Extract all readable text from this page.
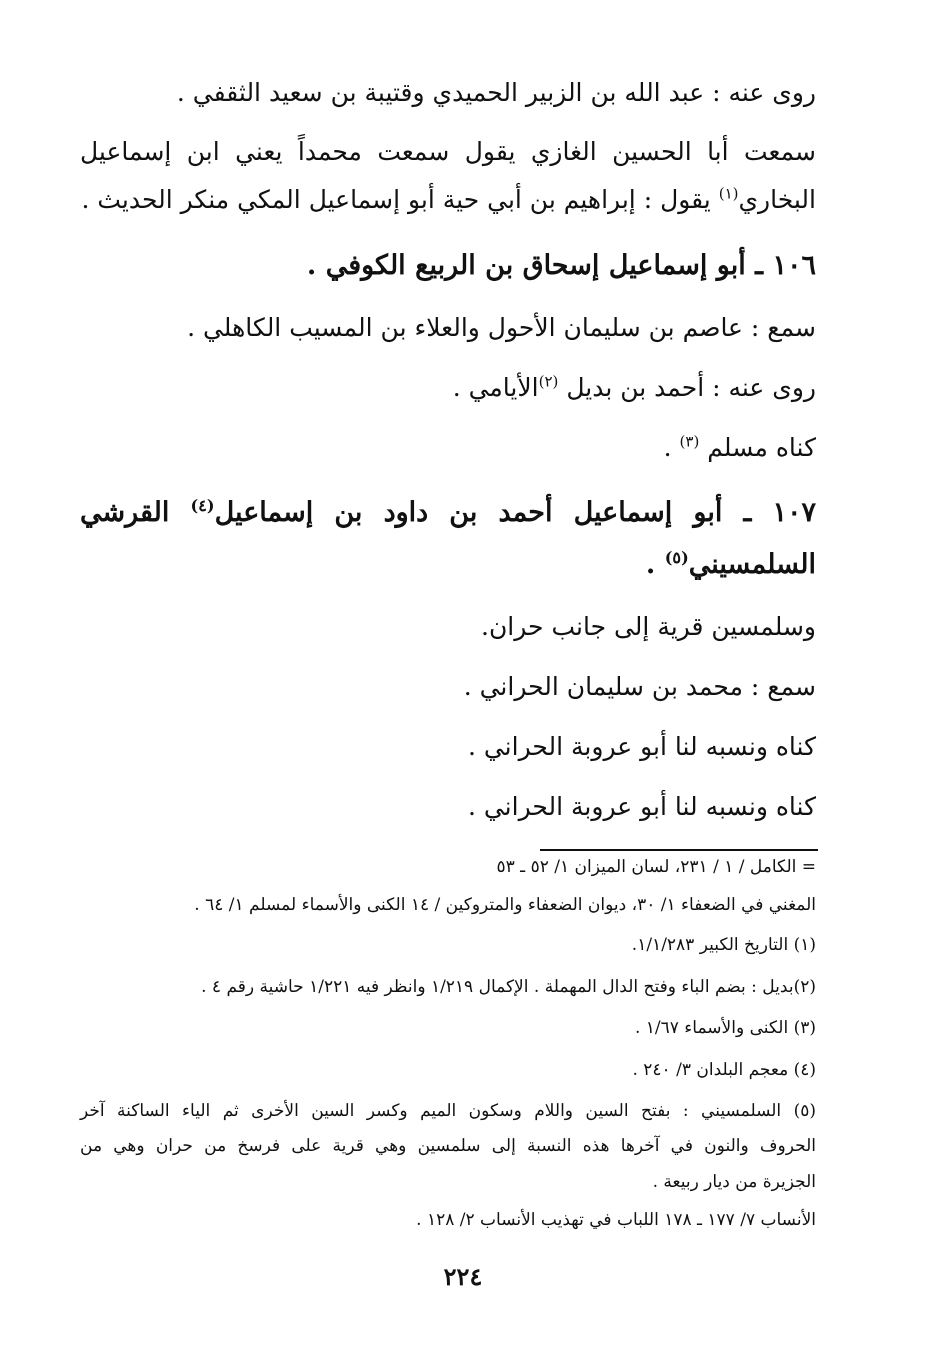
روى عنه : عبد الله بن الزبير الحميدي وقتيبة بن سعيد الثقفي .
سمعت أبا الحسين الغازي يقول سمعت محمداً يعني ابن إسماعيل
البخاري$^{(١)}$ يقول : إبراهيم بن أبي حية أبو إسماعيل المكي منكر الحديث .
١٠٦ ـ أبو إسماعيل إسحاق بن الربيع الكوفي .
سمع : عاصم بن سليمان الأحول والعلاء بن المسيب الكاهلي .
روى عنه : أحمد بن بديل $^{(٢)}$الأيامي .
كناه مسلم $^{(٣)}$ .
١٠٧ ـ أبو إسماعيل أحمد بن داود بن إسماعيل$^{(٤)}$ القرشي
السلمسيني$^{(٥)}$ .
وسلمسين قرية إلى جانب حران.
سمع : محمد بن سليمان الحراني .
كناه ونسبه لنا أبو عروبة الحراني .
كناه ونسبه لنا أبو عروبة الحراني .
= الكامل / ١ / ٢٣١، لسان الميزان ١/ ٥٢ ـ ٥٣
المغني في الضعفاء ١/ ٣٠، ديوان الضعفاء والمتروكين / ١٤ الكنى والأسماء لمسلم ١/ ٦٤ .
(١) التاريخ الكبير ١/١/٢٨٣.
(٢)بديل : بضم الباء وفتح الدال المهملة . الإكمال ١/٢١٩ وانظر فيه ١/٢٢١ حاشية رقم ٤ .
(٣) الكنى والأسماء ١/٦٧ .
(٤) معجم البلدان ٣/ ٢٤٠ .
(٥) السلمسيني : بفتح السين واللام وسكون الميم وكسر السين الأخرى ثم الياء الساكنة آخر
الحروف والنون في آخرها هذه النسبة إلى سلمسين وهي قرية على فرسخ من حران وهي من
الجزيرة من ديار ربيعة .
الأنساب ٧/ ١٧٧ ـ ١٧٨ اللباب في تهذيب الأنساب ٢/ ١٢٨ .
٢٢٤
